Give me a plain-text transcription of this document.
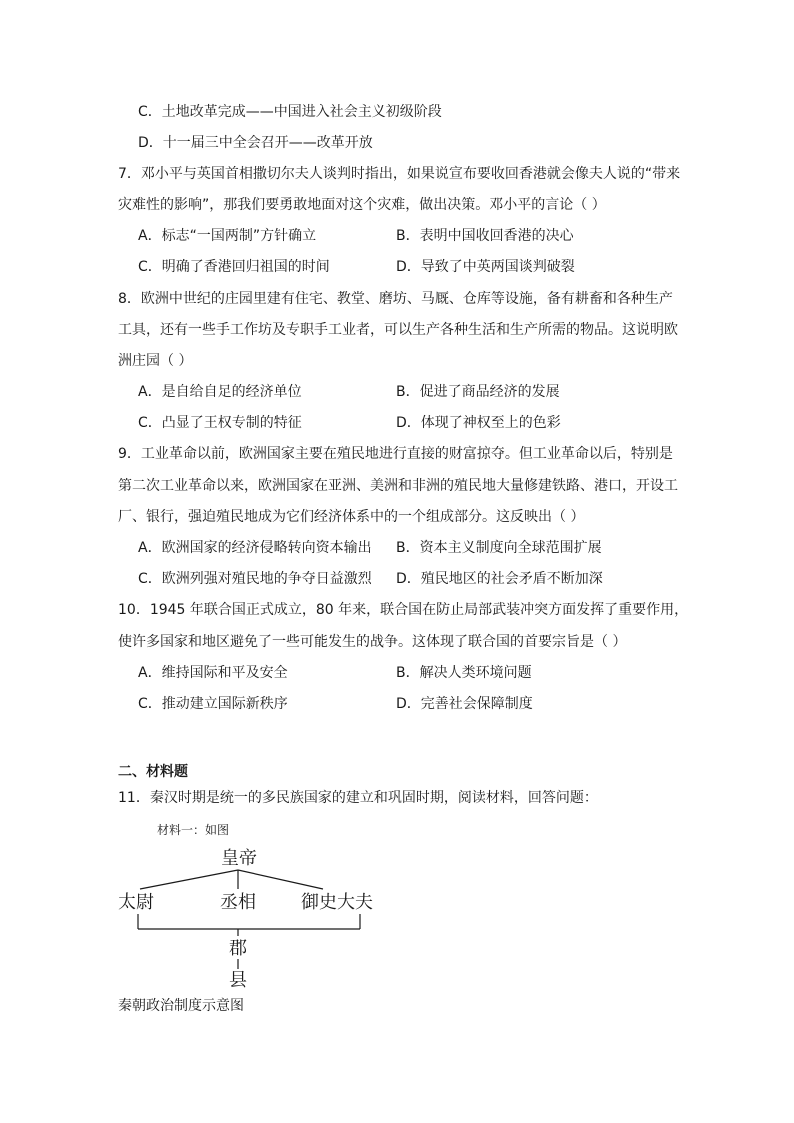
C．土地改革完成——中国进入社会主义初级阶段
D．十一届三中全会召开——改革开放
7．邓小平与英国首相撒切尔夫人谈判时指出，如果说宣布要收回香港就会像夫人说的“带来
灾难性的影响”，那我们要勇敢地面对这个灾难，做出决策。邓小平的言论（ ）
A．标志“一国两制”方针确立	B．表明中国收回香港的决心
C．明确了香港回归祖国的时间	D．导致了中英两国谈判破裂
8．欧洲中世纪的庄园里建有住宅、教堂、磨坊、马厩、仓库等设施，备有耕畜和各种生产
工具，还有一些手工作坊及专职手工业者，可以生产各种生活和生产所需的物品。这说明欧
洲庄园（ ）
A．是自给自足的经济单位	B．促进了商品经济的发展
C．凸显了王权专制的特征	D．体现了神权至上的色彩
9．工业革命以前，欧洲国家主要在殖民地进行直接的财富掠夺。但工业革命以后，特别是
第二次工业革命以来，欧洲国家在亚洲、美洲和非洲的殖民地大量修建铁路、港口，开设工
厂、银行，强迫殖民地成为它们经济体系中的一个组成部分。这反映出（ ）
A．欧洲国家的经济侵略转向资本输出 B．资本主义制度向全球范围扩展
C．欧洲列强对殖民地的争夺日益激烈 D．殖民地区的社会矛盾不断加深
10．1945 年联合国正式成立，80 年来，联合国在防止局部武装冲突方面发挥了重要作用，
使许多国家和地区避免了一些可能发生的战争。这体现了联合国的首要宗旨是（ ）
A．维持国际和平及安全	B．解决人类环境问题
C．推动建立国际新秩序	D．完善社会保障制度
二、材料题
11．秦汉时期是统一的多民族国家的建立和巩固时期，阅读材料，回答问题：
材料一：如图
皇帝
太尉	丞相	御史大夫
郡
县
秦朝政治制度示意图
